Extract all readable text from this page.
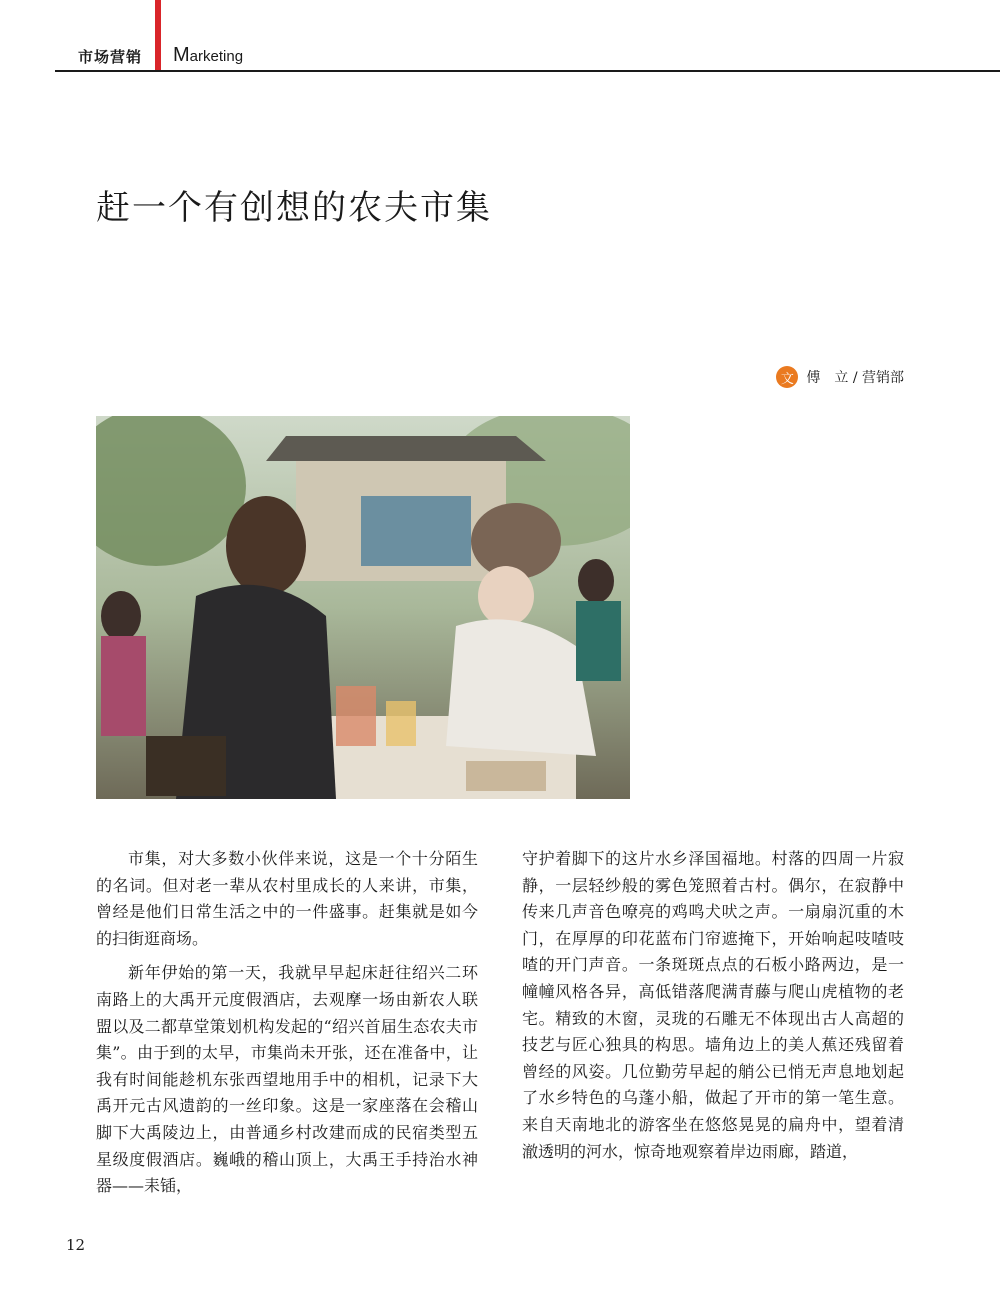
市场营销 Marketing
赶一个有创想的农夫市集
文 傅　立 / 营销部

市集，对大多数小伙伴来说，这是一个十分陌生的名词。但对老一辈从农村里成长的人来讲，市集，曾经是他们日常生活之中的一件盛事。赶集就是如今的扫街逛商场。

新年伊始的第一天，我就早早起床赶往绍兴二环南路上的大禹开元度假酒店，去观摩一场由新农人联盟以及二都草堂策划机构发起的“绍兴首届生态农夫市集”。由于到的太早，市集尚未开张，还在准备中，让我有时间能趁机东张西望地用手中的相机，记录下大禹开元古风遗韵的一丝印象。这是一家座落在会稽山脚下大禹陵边上，由普通乡村改建而成的民宿类型五星级度假酒店。巍峨的稽山顶上，大禹王手持治水神器——耒锸，

守护着脚下的这片水乡泽国福地。村落的四周一片寂静，一层轻纱般的雾色笼照着古村。偶尔，在寂静中传来几声音色嘹亮的鸡鸣犬吠之声。一扇扇沉重的木门，在厚厚的印花蓝布门帘遮掩下，开始响起吱喳吱喳的开门声音。一条斑斑点点的石板小路两边，是一幢幢风格各异，高低错落爬满青藤与爬山虎植物的老宅。精致的木窗，灵珑的石雕无不体现出古人高超的技艺与匠心独具的构思。墙角边上的美人蕉还残留着曾经的风姿。几位勤劳早起的艄公已悄无声息地划起了水乡特色的乌蓬小船，做起了开市的第一笔生意。来自天南地北的游客坐在悠悠晃晃的扁舟中，望着清澈透明的河水，惊奇地观察着岸边雨廊，踏道，

12
